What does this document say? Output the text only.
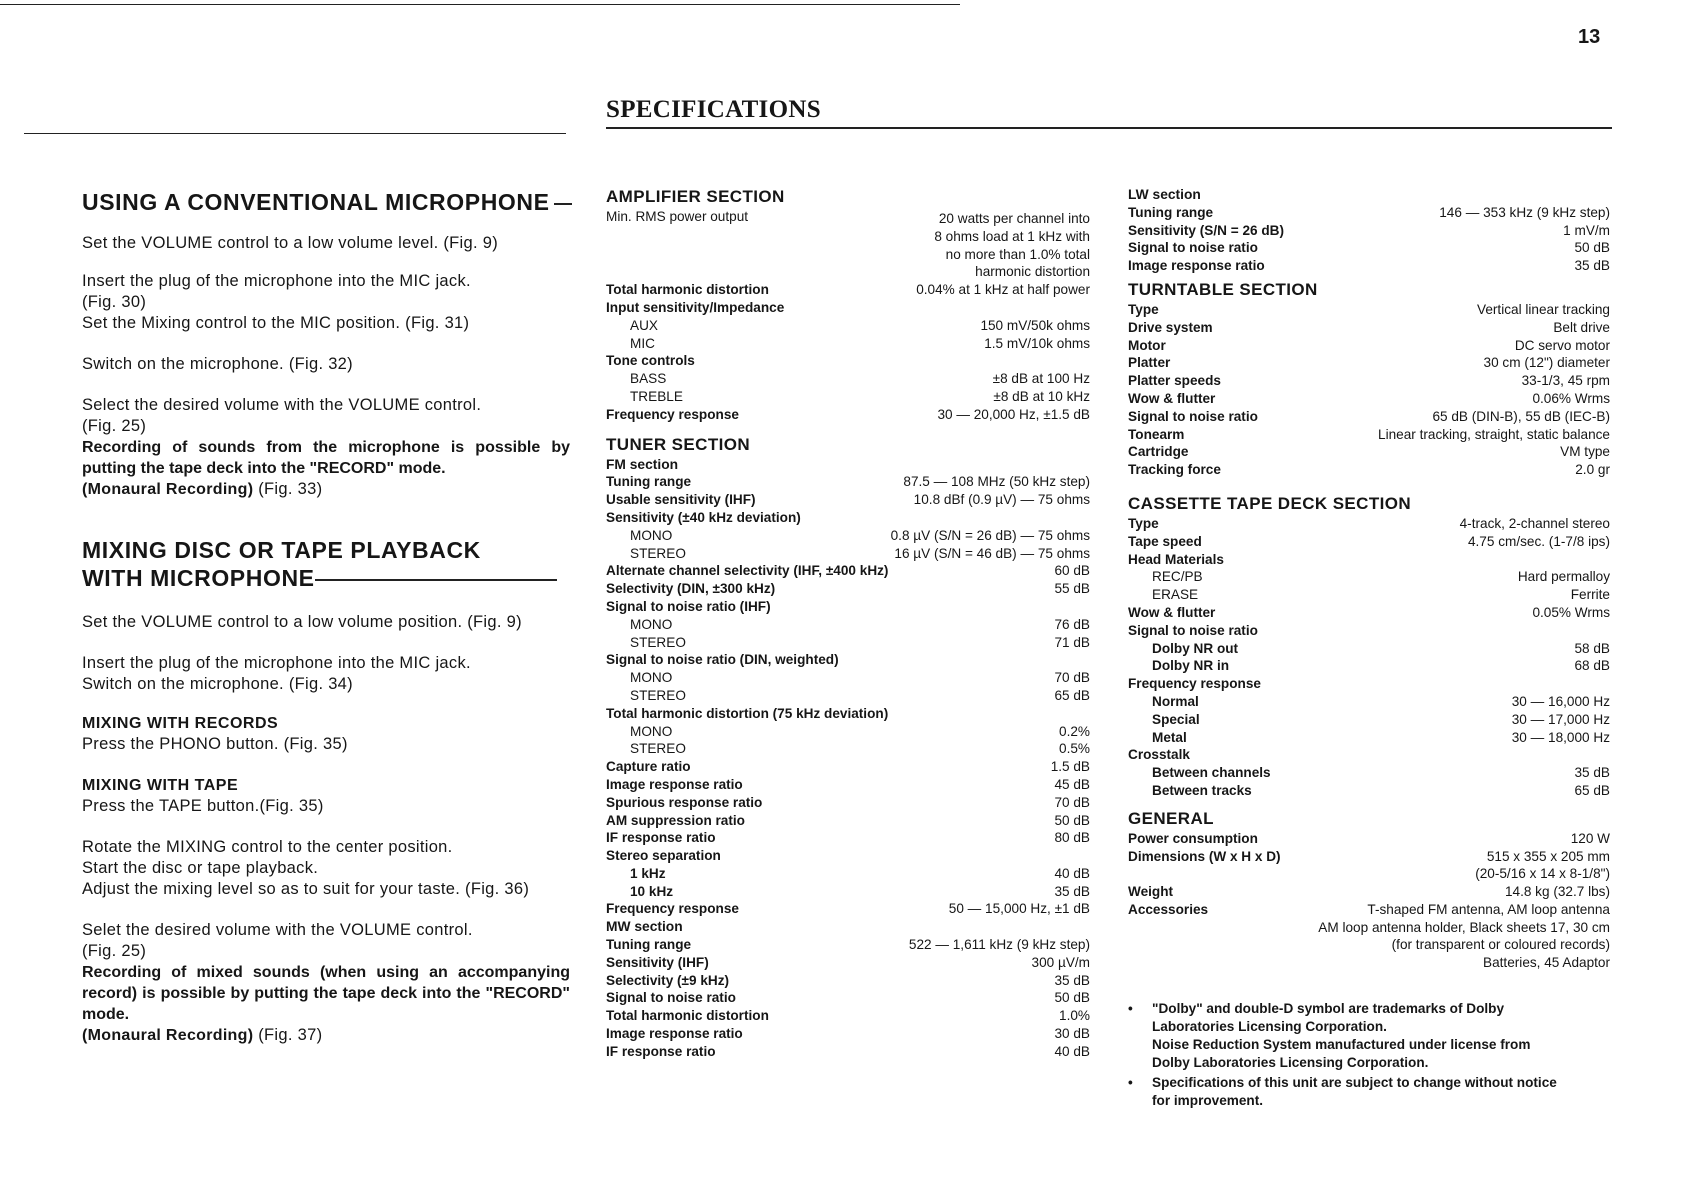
13
SPECIFICATIONS
USING A CONVENTIONAL MICROPHONE

Set the VOLUME control to a low volume level. (Fig. 9)

Insert the plug of the microphone into the MIC jack.

(Fig. 30)

Set the Mixing control to the MIC position. (Fig. 31)

Switch on the microphone. (Fig. 32)

Select the desired volume with the VOLUME control.

(Fig. 25)

Recording of sounds from the microphone is possible by putting the tape deck into the "RECORD" mode.

(Monaural Recording) (Fig. 33)

MIXING DISC OR TAPE PLAYBACK
WITH MICROPHONE

Set the VOLUME control to a low volume position. (Fig. 9)

Insert the plug of the microphone into the MIC jack.

Switch on the microphone. (Fig. 34)

MIXING WITH RECORDS

Press the PHONO button. (Fig. 35)

MIXING WITH TAPE

Press the TAPE button.(Fig. 35)

Rotate the MIXING control to the center position.

Start the disc or tape playback.

Adjust the mixing level so as to suit for your taste. (Fig. 36)

Selet the desired volume with the VOLUME control.

(Fig. 25)

Recording of mixed sounds (when using an accompanying record) is possible by putting the tape deck into the "RECORD" mode.

(Monaural Recording) (Fig. 37)

AMPLIFIER SECTION
Min. RMS power output	20 watts per channel into
8 ohms load at 1 kHz with
no more than 1.0% total
harmonic distortion
Total harmonic distortion	0.04% at 1 kHz at half power
Input sensitivity/Impedance
AUX	150 mV/50k ohms
MIC	1.5 mV/10k ohms
Tone controls
BASS	±8 dB at 100 Hz
TREBLE	±8 dB at 10 kHz
Frequency response	30 — 20,000 Hz, ±1.5 dB
TUNER SECTION
FM section
Tuning range	87.5 — 108 MHz (50 kHz step)
Usable sensitivity (IHF)	10.8 dBf (0.9 µV) — 75 ohms
Sensitivity (±40 kHz deviation)
MONO	0.8 µV (S/N = 26 dB) — 75 ohms
STEREO	16 µV (S/N = 46 dB) — 75 ohms
Alternate channel selectivity (IHF, ±400 kHz)	60 dB
Selectivity (DIN, ±300 kHz)	55 dB
Signal to noise ratio (IHF)
MONO	76 dB
STEREO	71 dB
Signal to noise ratio (DIN, weighted)
MONO	70 dB
STEREO	65 dB
Total harmonic distortion (75 kHz deviation)
MONO	0.2%
STEREO	0.5%
Capture ratio	1.5 dB
Image response ratio	45 dB
Spurious response ratio	70 dB
AM suppression ratio	50 dB
IF response ratio	80 dB
Stereo separation
1 kHz	40 dB
10 kHz	35 dB
Frequency response	50 — 15,000 Hz, ±1 dB
MW section
Tuning range	522 — 1,611 kHz (9 kHz step)
Sensitivity (IHF)	300 µV/m
Selectivity (±9 kHz)	35 dB
Signal to noise ratio	50 dB
Total harmonic distortion	1.0%
Image response ratio	30 dB
IF response ratio	40 dB
LW section
Tuning range	146 — 353 kHz (9 kHz step)
Sensitivity (S/N = 26 dB)	1 mV/m
Signal to noise ratio	50 dB
Image response ratio	35 dB
TURNTABLE SECTION
Type	Vertical linear tracking
Drive system	Belt drive
Motor	DC servo motor
Platter	30 cm (12") diameter
Platter speeds	33-1/3, 45 rpm
Wow & flutter	0.06% Wrms
Signal to noise ratio	65 dB (DIN-B), 55 dB (IEC-B)
Tonearm	Linear tracking, straight, static balance
Cartridge	VM type
Tracking force	2.0 gr
CASSETTE TAPE DECK SECTION
Type	4-track, 2-channel stereo
Tape speed	4.75 cm/sec. (1-7/8 ips)
Head Materials
REC/PB	Hard permalloy
ERASE	Ferrite
Wow & flutter	0.05% Wrms
Signal to noise ratio
Dolby NR out	58 dB
Dolby NR in	68 dB
Frequency response
Normal	30 — 16,000 Hz
Special	30 — 17,000 Hz
Metal	30 — 18,000 Hz
Crosstalk
Between channels	35 dB
Between tracks	65 dB
GENERAL
Power consumption	120 W
Dimensions (W x H x D)	515 x 355 x 205 mm
(20-5/16 x 14 x 8-1/8")
Weight	14.8 kg (32.7 lbs)
Accessories	T-shaped FM antenna, AM loop antenna
AM loop antenna holder, Black sheets 17, 30 cm
(for transparent or coloured records)
Batteries, 45 Adaptor
• "Dolby" and double-D symbol are trademarks of Dolby Laboratories Licensing Corporation.
Noise Reduction System manufactured under license from Dolby Laboratories Licensing Corporation.
• Specifications of this unit are subject to change without notice for improvement.
